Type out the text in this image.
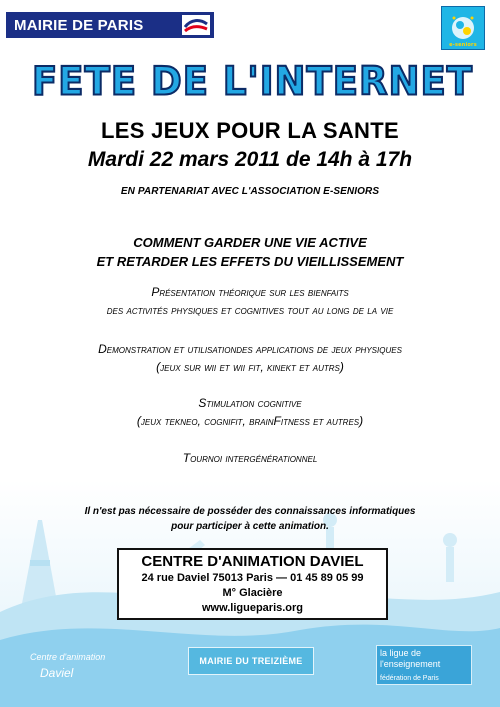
MAIRIE DE PARIS
e-seniors
FETE DE L'INTERNET
LES JEUX POUR LA SANTE
Mardi 22 mars 2011 de 14h à 17h
EN PARTENARIAT AVEC L'ASSOCIATION E-SENIORS
COMMENT GARDER UNE VIE ACTIVE
ET RETARDER LES EFFETS DU VIEILLISSEMENT
Présentation théorique sur les bienfaits
des activités physiques et cognitives tout au long de la vie
Demonstration et utilisationdes applications de jeux physiques
(jeux sur wii et wii fit, kinekt et autrs)
Stimulation cognitive
(jeux tekneo, cognifit, brainFitness et autres)
Tournoi intergénérationnel
Il n'est pas nécessaire de posséder des connaissances informatiques
pour participer à cette animation.
CENTRE D'ANIMATION DAVIEL
24 rue Daviel 75013 Paris — 01 45 89 05 99
M° Glacière
www.ligueparis.org
Centre d'animation
Daviel
MAIRIE DU TREIZIÈME
la ligue de
l'enseignement
fédération de Paris
